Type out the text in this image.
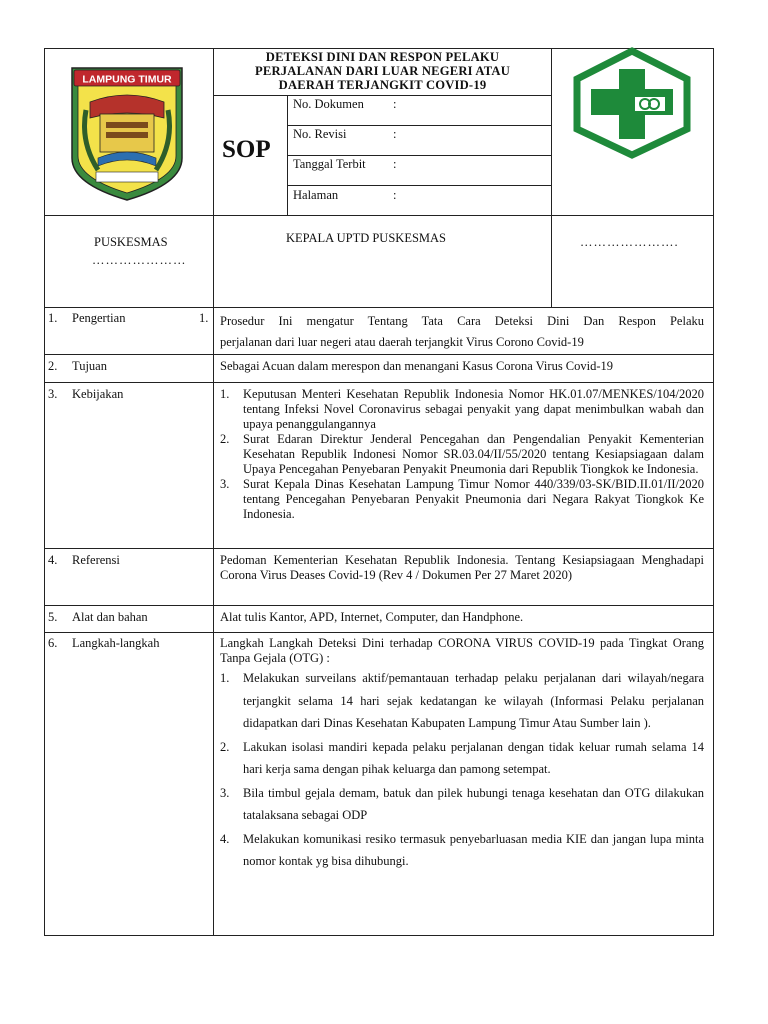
LAMPUNG TIMUR
DETEKSI DINI DAN RESPON PELAKU
PERJALANAN DARI LUAR NEGERI ATAU
DAERAH TERJANGKIT COVID-19
SOP
No. Dokumen :
No. Revisi	:
Tanggal Terbit :
Halaman	:
PUSKESMAS
…………………
KEPALA UPTD PUSKESMAS	………………….
1. Pengertian	1. Prosedur Ini mengatur Tentang Tata Cara Deteksi Dini Dan Respon Pelaku

perjalanan dari luar negeri atau daerah terjangkit Virus Corono Covid-19

2. Tujuan	Sebagai Acuan dalam merespon dan menangani Kasus Corona Virus Covid-19
3. Kebijakan	1. Keputusan Menteri Kesehatan Republik Indonesia Nomor HK.01.07/MENKES/104/2020 tentang Infeksi Novel Coronavirus sebagai penyakit yang dapat menimbulkan wabah dan upaya penanggulangannya
2. Surat Edaran Direktur Jenderal Pencegahan dan Pengendalian Penyakit Kementerian Kesehatan Republik Indonesi Nomor SR.03.04/II/55/2020 tentang Kesiapsiagaan dalam Upaya Pencegahan Penyebaran Penyakit Pneumonia dari Republik Tiongkok ke Indonesia.
3. Surat Kepala Dinas Kesehatan Lampung Timur Nomor 440/339/03-SK/BID.II.01/II/2020 tentang Pencegahan Penyebaran Penyakit Pneumonia dari Negara Rakyat Tiongkok Ke Indonesia.
4. Referensi	Pedoman Kementerian Kesehatan Republik Indonesia. Tentang Kesiapsiagaan Menghadapi Corona Virus Deases Covid-19 (Rev 4 / Dokumen Per 27 Maret 2020)
5. Alat dan bahan	Alat tulis Kantor, APD, Internet, Computer, dan Handphone.
6. Langkah-langkah	Langkah Langkah Deteksi Dini terhadap CORONA VIRUS COVID-19 pada Tingkat Orang Tanpa Gejala (OTG) :
1. Melakukan surveilans aktif/pemantauan terhadap pelaku perjalanan dari wilayah/negara terjangkit selama 14 hari sejak kedatangan ke wilayah (Informasi Pelaku perjalanan didapatkan dari Dinas Kesehatan Kabupaten Lampung Timur Atau Sumber lain ).
2. Lakukan isolasi mandiri kepada pelaku perjalanan dengan tidak keluar rumah selama 14 hari kerja sama dengan pihak keluarga dan pamong setempat.
3. Bila timbul gejala demam, batuk dan pilek hubungi tenaga kesehatan dan OTG dilakukan tatalaksana sebagai ODP
4. Melakukan komunikasi resiko termasuk penyebarluasan media KIE dan jangan lupa minta nomor kontak yg bisa dihubungi.
